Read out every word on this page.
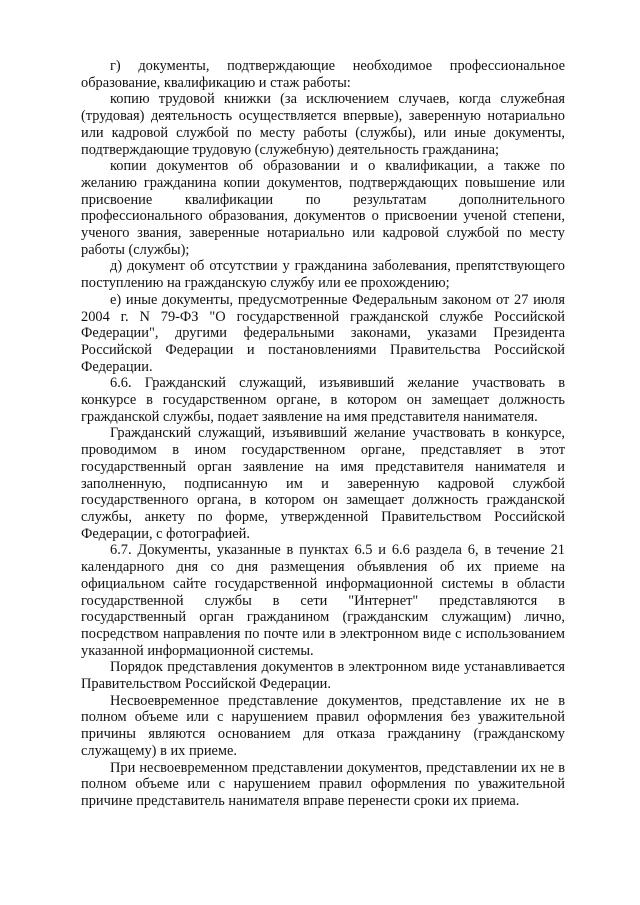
г) документы, подтверждающие необходимое профессиональное образование, квалификацию и стаж работы:

копию трудовой книжки (за исключением случаев, когда служебная (трудовая) деятельность осуществляется впервые), заверенную нотариально или кадровой службой по месту работы (службы), или иные документы, подтверждающие трудовую (служебную) деятельность гражданина;

копии документов об образовании и о квалификации, а также по желанию гражданина копии документов, подтверждающих повышение или присвоение квалификации по результатам дополнительного профессионального образования, документов о присвоении ученой степени, ученого звания, заверенные нотариально или кадровой службой по месту работы (службы);

д) документ об отсутствии у гражданина заболевания, препятствующего поступлению на гражданскую службу или ее прохождению;

е) иные документы, предусмотренные Федеральным законом от 27 июля 2004 г. N 79-ФЗ "О государственной гражданской службе Российской Федерации", другими федеральными законами, указами Президента Российской Федерации и постановлениями Правительства Российской Федерации.

6.6. Гражданский служащий, изъявивший желание участвовать в конкурсе в государственном органе, в котором он замещает должность гражданской службы, подает заявление на имя представителя нанимателя.

Гражданский служащий, изъявивший желание участвовать в конкурсе, проводимом в ином государственном органе, представляет в этот государственный орган заявление на имя представителя нанимателя и заполненную, подписанную им и заверенную кадровой службой государственного органа, в котором он замещает должность гражданской службы, анкету по форме, утвержденной Правительством Российской Федерации, с фотографией.

6.7. Документы, указанные в пунктах 6.5 и 6.6 раздела 6, в течение 21 календарного дня со дня размещения объявления об их приеме на официальном сайте государственной информационной системы в области государственной службы в сети "Интернет" представляются в государственный орган гражданином (гражданским служащим) лично, посредством направления по почте или в электронном виде с использованием указанной информационной системы.

Порядок представления документов в электронном виде устанавливается Правительством Российской Федерации.

Несвоевременное представление документов, представление их не в полном объеме или с нарушением правил оформления без уважительной причины являются основанием для отказа гражданину (гражданскому служащему) в их приеме.

При несвоевременном представлении документов, представлении их не в полном объеме или с нарушением правил оформления по уважительной причине представитель нанимателя вправе перенести сроки их приема.
